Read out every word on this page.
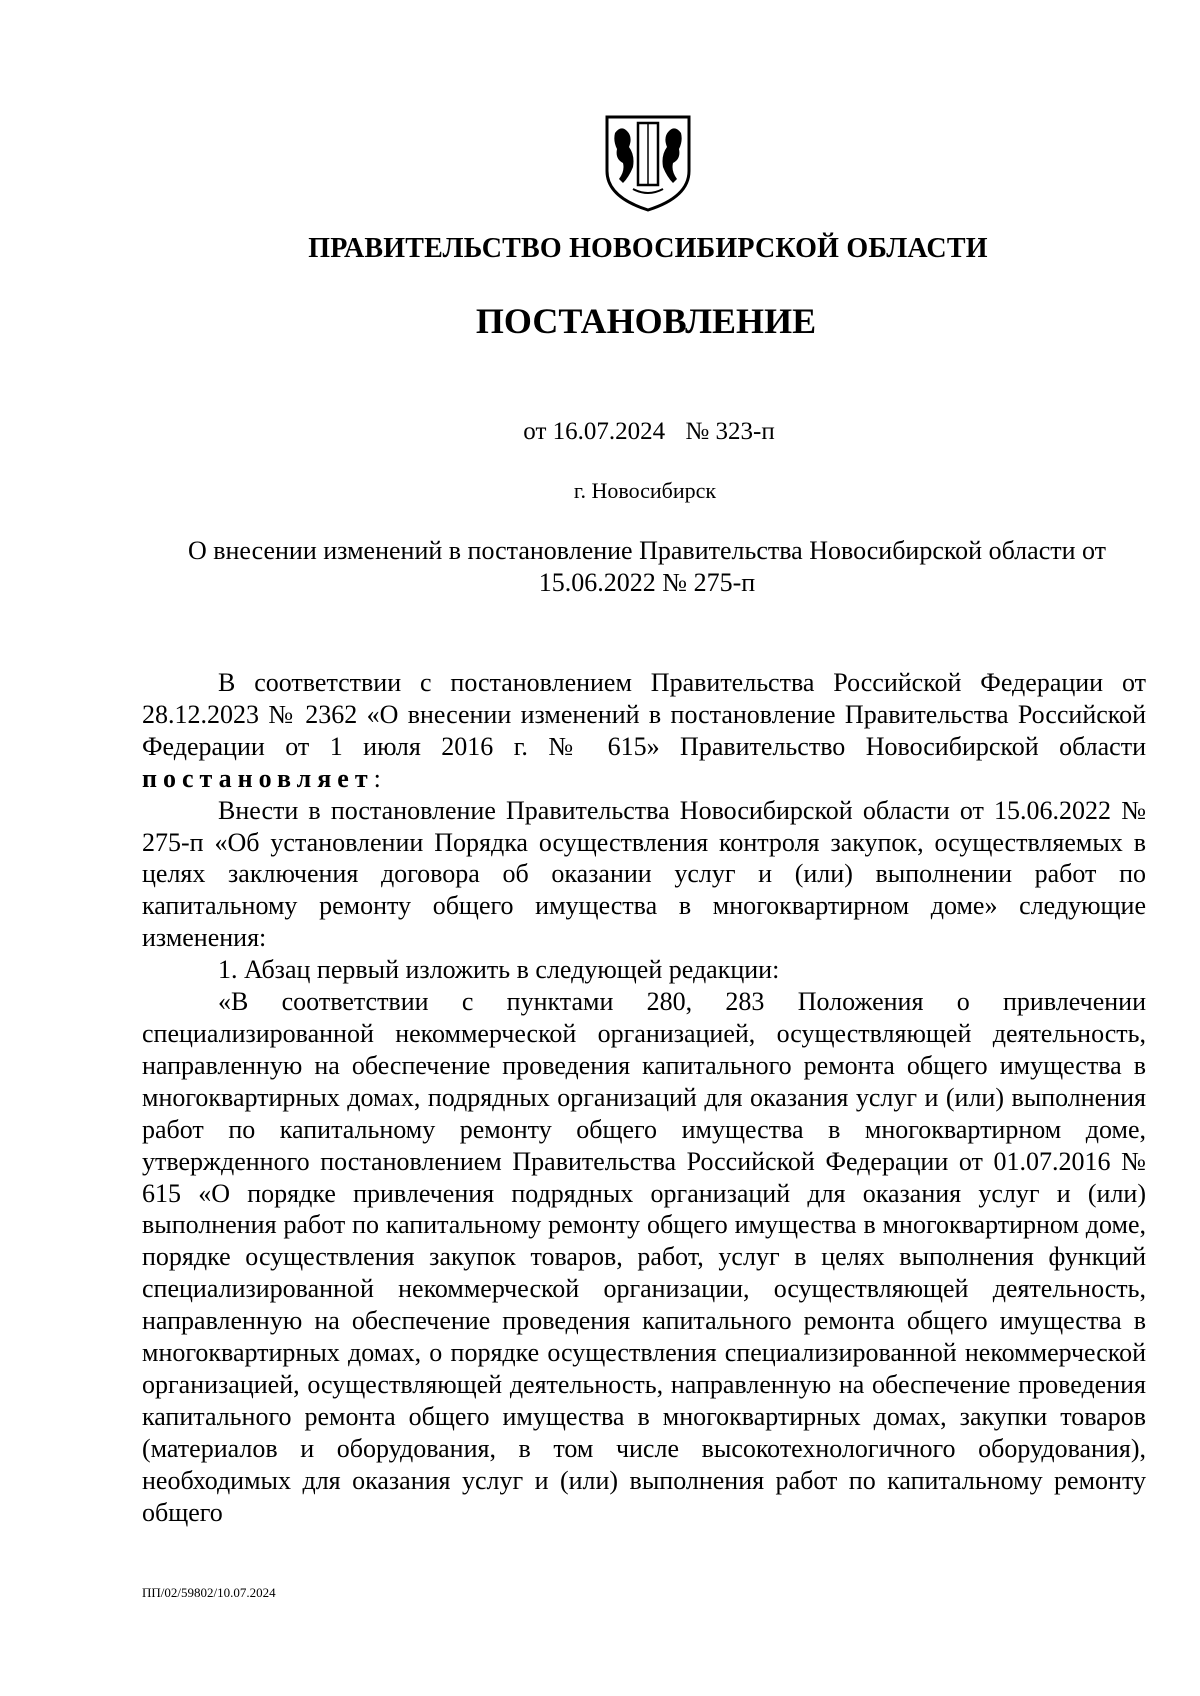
ПРАВИТЕЛЬСТВО НОВОСИБИРСКОЙ ОБЛАСТИ
ПОСТАНОВЛЕНИЕ
от 16.07.2024 № 323-п
г. Новосибирск
О внесении изменений в постановление Правительства Новосибирской области от 15.06.2022 № 275-п

В соответствии с постановлением Правительства Российской Федерации от 28.12.2023 № 2362 «О внесении изменений в постановление Правительства Российской Федерации от 1 июля 2016 г. № 615» Правительство Новосибирской области постановляет:

Внести в постановление Правительства Новосибирской области от 15.06.2022 № 275-п «Об установлении Порядка осуществления контроля закупок, осуществляемых в целях заключения договора об оказании услуг и (или) выполнении работ по капитальному ремонту общего имущества в многоквартирном доме» следующие изменения:

1. Абзац первый изложить в следующей редакции:

«В соответствии с пунктами 280, 283 Положения о привлечении специализированной некоммерческой организацией, осуществляющей деятельность, направленную на обеспечение проведения капитального ремонта общего имущества в многоквартирных домах, подрядных организаций для оказания услуг и (или) выполнения работ по капитальному ремонту общего имущества в многоквартирном доме, утвержденного постановлением Правительства Российской Федерации от 01.07.2016 № 615 «О порядке привлечения подрядных организаций для оказания услуг и (или) выполнения работ по капитальному ремонту общего имущества в многоквартирном доме, порядке осуществления закупок товаров, работ, услуг в целях выполнения функций специализированной некоммерческой организации, осуществляющей деятельность, направленную на обеспечение проведения капитального ремонта общего имущества в многоквартирных домах, о порядке осуществления специализированной некоммерческой организацией, осуществляющей деятельность, направленную на обеспечение проведения капитального ремонта общего имущества в многоквартирных домах, закупки товаров (материалов и оборудования, в том числе высокотехнологичного оборудования), необходимых для оказания услуг и (или) выполнения работ по капитальному ремонту общего

ПП/02/59802/10.07.2024
